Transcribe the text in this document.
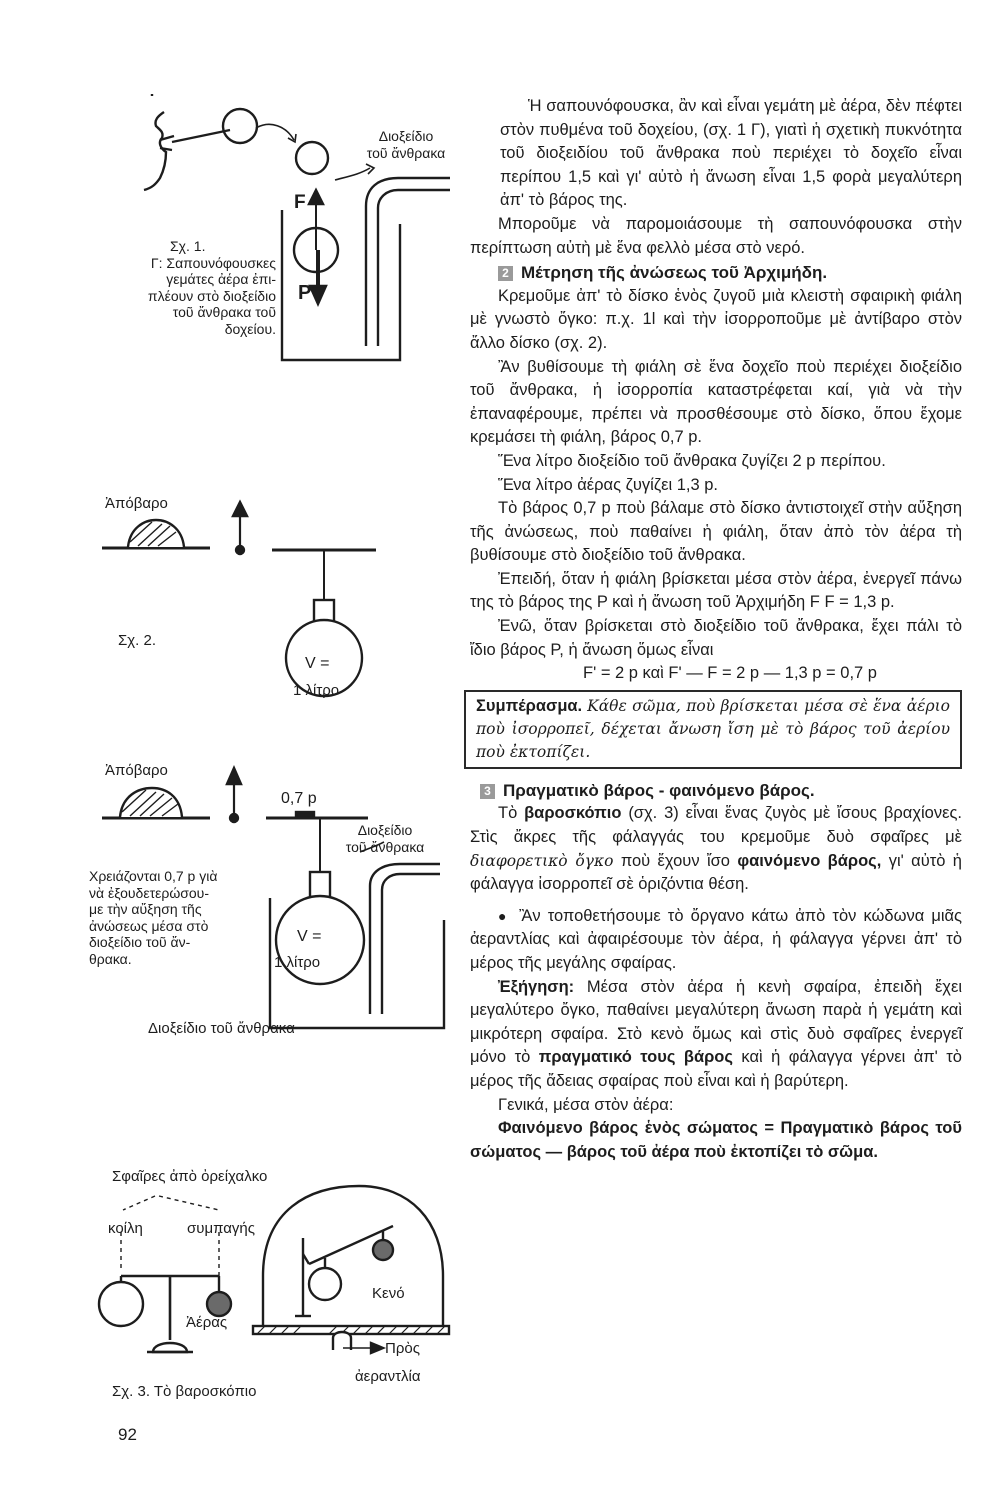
Διοξείδιο
τοῦ ἄνθρακα
F
P
Σχ. 1.
Γ: Σαπουνόφουσκες
γεμάτες ἀέρα ἐπι-
πλέουν στὸ διοξείδιο
τοῦ ἄνθρακα τοῦ
δοχείου.
Ἀπόβαρο
Σχ. 2.
V =
1 λίτρο
Ἀπόβαρο
0,7 p
Διοξείδιο
τοῦ ἄνθρακα
V =
1 λίτρο
Χρειάζονται 0,7 p γιὰ
νὰ ἐξουδετερώσου-
με τὴν αὔξηση τῆς
ἀνώσεως μέσα στὸ
διοξείδιο τοῦ ἄν-
θρακα.
Διοξείδιο τοῦ ἄνθρακα
Σφαῖρες ἀπὸ ὀρείχαλκο
κοίλη	συμπαγής
Ἀέρας
Κενό
Πρὸς
ἀεραντλία
Σχ. 3. Τὸ βαροσκόπιο
92

Ἡ σαπουνόφουσκα, ἂν καὶ εἶναι γεμάτη μὲ ἀέρα, δὲν πέφτει στὸν πυθμένα τοῦ δοχείου, (σχ. 1 Γ), γιατὶ ἡ σχετικὴ πυκνότητα τοῦ διοξειδίου τοῦ ἄνθρακα ποὺ περιέχει τὸ δοχεῖο εἶναι περίπου 1,5 καὶ γι' αὐτὸ ἡ ἄνωση εἶναι 1,5 φορὰ μεγαλύτερη ἀπ' τὸ βάρος της.

Μποροῦμε νὰ παρομοιάσουμε τὴ σαπουνόφουσκα στὴν περίπτωση αὐτὴ μὲ ἕνα φελλὸ μέσα στὸ νερό.

2 Μέτρηση τῆς ἀνώσεως τοῦ Ἀρχιμήδη.

Κρεμοῦμε ἀπ' τὸ δίσκο ἑνὸς ζυγοῦ μιὰ κλειστὴ σφαιρικὴ φιάλη μὲ γνωστὸ ὄγκο: π.χ. 1l καὶ τὴν ἰσορροποῦμε μὲ ἀντίβαρο στὸν ἄλλο δίσκο (σχ. 2).

Ἂν βυθίσουμε τὴ φιάλη σὲ ἕνα δοχεῖο ποὺ περιέχει διοξείδιο τοῦ ἄνθρακα, ἡ ἰσορροπία καταστρέφεται καί, γιὰ νὰ τὴν ἐπαναφέρουμε, πρέπει νὰ προσθέσουμε στὸ δίσκο, ὅπου ἔχομε κρεμάσει τὴ φιάλη, βάρος 0,7 p.

Ἕνα λίτρο διοξείδιο τοῦ ἄνθρακα ζυγίζει 2 p περίπου.

Ἕνα λίτρο ἀέρας ζυγίζει 1,3 p.

Τὸ βάρος 0,7 p ποὺ βάλαμε στὸ δίσκο ἀντιστοιχεῖ στὴν αὔξηση τῆς ἀνώσεως, ποὺ παθαίνει ἡ φιάλη, ὅταν ἀπὸ τὸν ἀέρα τὴ βυθίσουμε στὸ διοξείδιο τοῦ ἄνθρακα.

Ἐπειδή, ὅταν ἡ φιάλη βρίσκεται μέσα στὸν ἀέρα, ἐνεργεῖ πάνω της τὸ βάρος της P καὶ ἡ ἄνωση τοῦ Ἀρχιμήδη F F = 1,3 p.

Ἐνῶ, ὅταν βρίσκεται στὸ διοξείδιο τοῦ ἄνθρακα, ἔχει πάλι τὸ ἴδιο βάρος P, ἡ ἄνωση ὅμως εἶναι

F' = 2 p καὶ F' — F = 2 p — 1,3 p = 0,7 p

Συμπέρασμα. Κάθε σῶμα, ποὺ βρίσκεται μέσα σὲ ἕνα ἀέριο ποὺ ἰσορροπεῖ, δέχεται ἄνωση ἴση μὲ τὸ βάρος τοῦ ἀερίου ποὺ ἐκτοπίζει.
3 Πραγματικὸ βάρος - φαινόμενο βάρος.

Τὸ βαροσκόπιο (σχ. 3) εἶναι ἕνας ζυγὸς μὲ ἴσους βραχίονες. Στὶς ἄκρες τῆς φάλαγγάς του κρεμοῦμε δυὸ σφαῖρες μὲ διαφορετικὸ ὄγκο ποὺ ἔχουν ἴσο φαινόμενο βάρος, γι' αὐτὸ ἡ φάλαγγα ἰσορροπεῖ σὲ ὁριζόντια θέση.

● Ἂν τοποθετήσουμε τὸ ὄργανο κάτω ἀπὸ τὸν κώδωνα μιᾶς ἀεραντλίας καὶ ἀφαιρέσουμε τὸν ἀέρα, ἡ φάλαγγα γέρνει ἀπ' τὸ μέρος τῆς μεγάλης σφαίρας.

Ἐξήγηση: Μέσα στὸν ἀέρα ἡ κενὴ σφαίρα, ἐπειδὴ ἔχει μεγαλύτερο ὄγκο, παθαίνει μεγαλύτερη ἄνωση παρὰ ἡ γεμάτη καὶ μικρότερη σφαίρα. Στὸ κενὸ ὅμως καὶ στὶς δυὸ σφαῖρες ἐνεργεῖ μόνο τὸ πραγματικό τους βάρος καὶ ἡ φάλαγγα γέρνει ἀπ' τὸ μέρος τῆς ἄδειας σφαίρας ποὺ εἶναι καὶ ἡ βαρύτερη.

Γενικά, μέσα στὸν ἀέρα:

Φαινόμενο βάρος ἑνὸς σώματος = Πραγματικὸ βάρος τοῦ σώματος — βάρος τοῦ ἀέρα ποὺ ἐκτοπίζει τὸ σῶμα.
